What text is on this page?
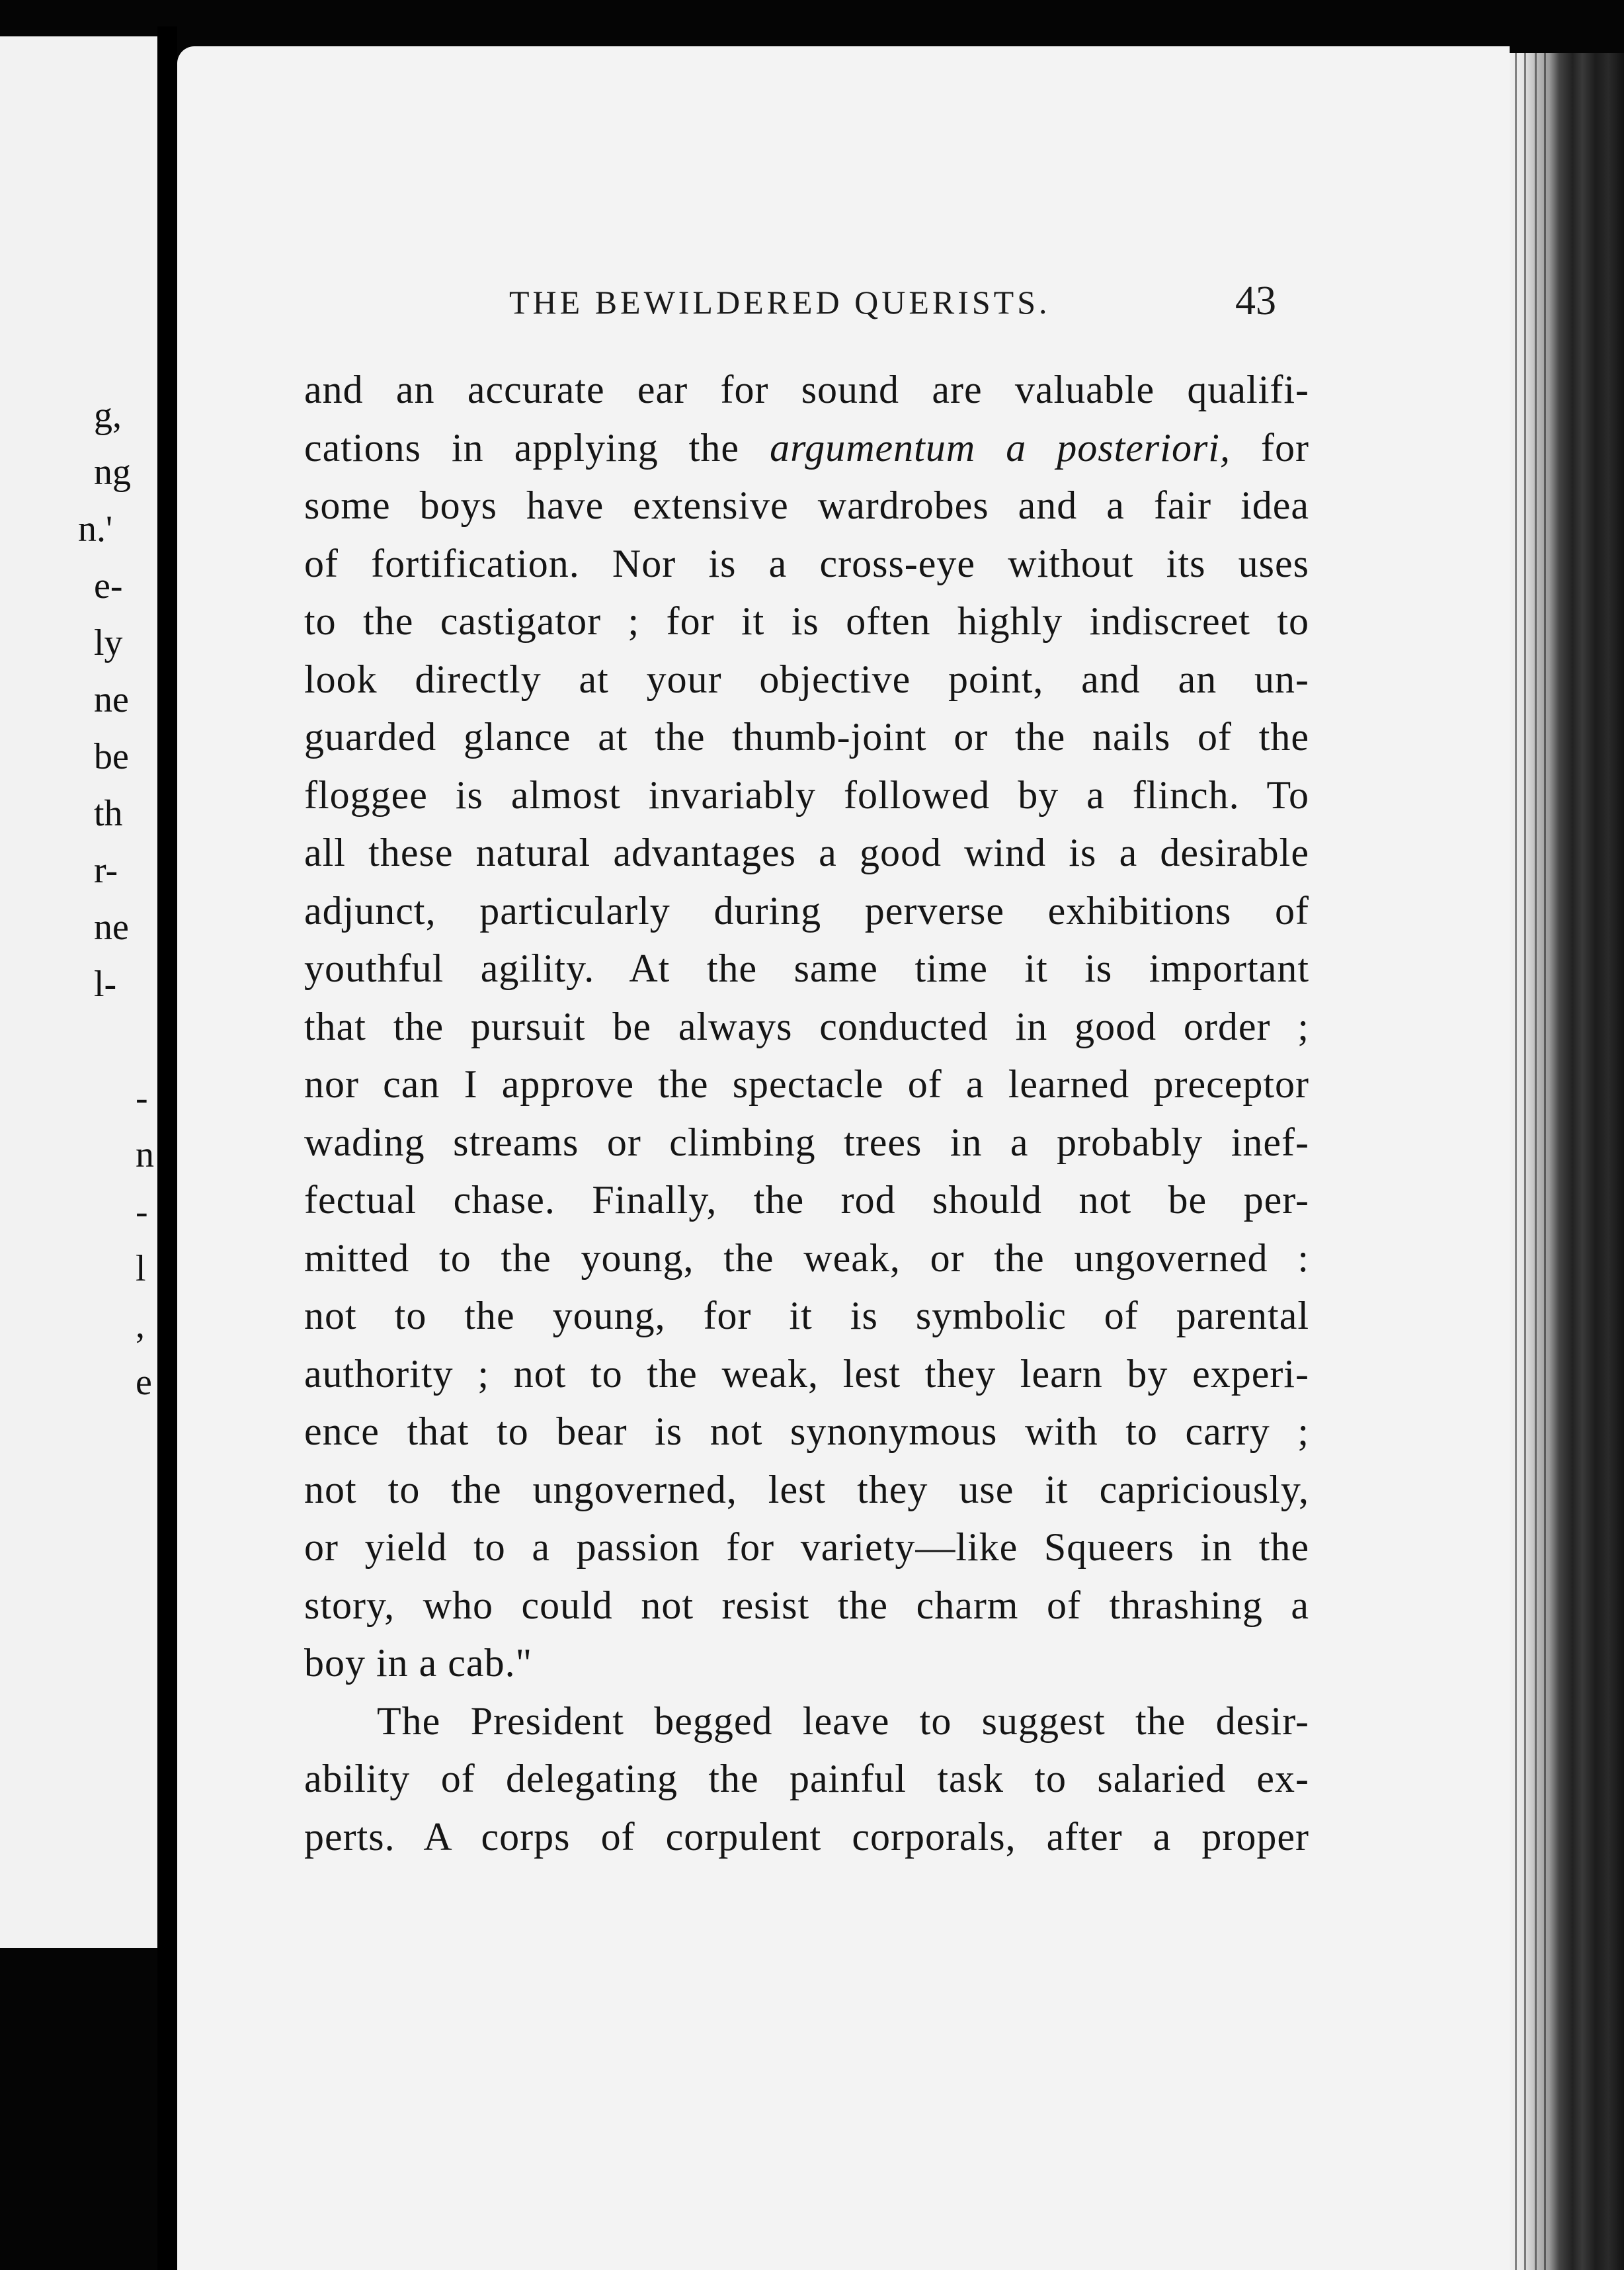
g,
ng
n.'
e-
ly
ne
be
th
r-
ne
l-
-
n
-
l
,
e
THE BEWILDERED QUERISTS.	43
and an accurate ear for sound are valuable qualifi-
cations in applying the argumentum a posteriori, for
some boys have extensive wardrobes and a fair idea
of fortification. Nor is a cross-eye without its uses
to the castigator ; for it is often highly indiscreet to
look directly at your objective point, and an un-
guarded glance at the thumb-joint or the nails of the
floggee is almost invariably followed by a flinch. To
all these natural advantages a good wind is a desirable
adjunct, particularly during perverse exhibitions of
youthful agility. At the same time it is important
that the pursuit be always conducted in good order ;
nor can I approve the spectacle of a learned preceptor
wading streams or climbing trees in a probably inef-
fectual chase. Finally, the rod should not be per-
mitted to the young, the weak, or the ungoverned :
not to the young, for it is symbolic of parental
authority ; not to the weak, lest they learn by experi-
ence that to bear is not synonymous with to carry ;
not to the ungoverned, lest they use it capriciously,
or yield to a passion for variety—like Squeers in the
story, who could not resist the charm of thrashing a
boy in a cab."
The President begged leave to suggest the desir-
ability of delegating the painful task to salaried ex-
perts. A corps of corpulent corporals, after a proper
